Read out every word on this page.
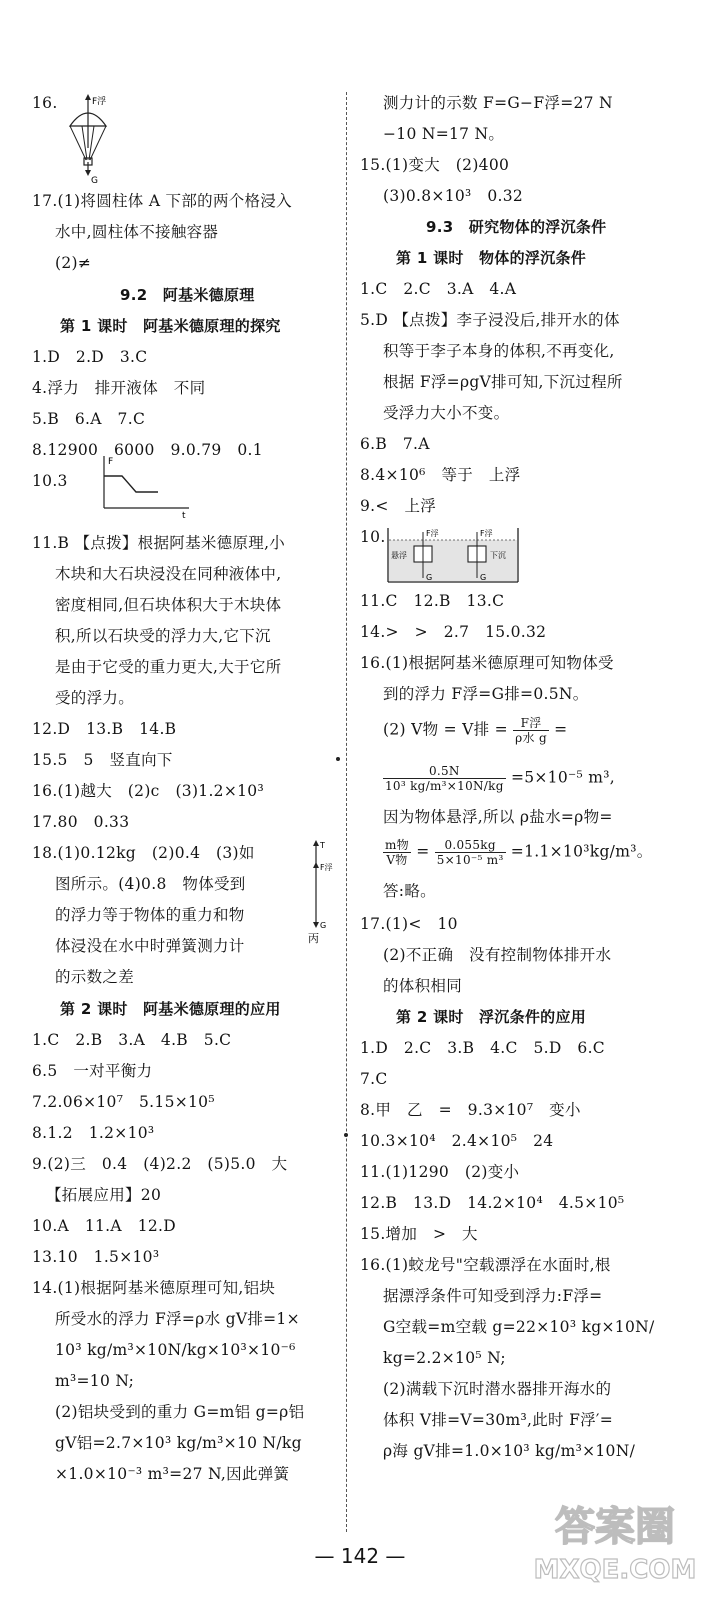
16.	F浮
G
17.(1)将圆柱体 A 下部的两个格浸入
水中,圆柱体不接触容器
(2)≠
9.2　阿基米德原理
第 1 课时　阿基米德原理的探究
1.D　2.D　3.C
4.浮力　排开液体　不同
5.B　6.A　7.C
8.12900　6000　9.0.79　0.1
10.3
F
t
11.B 【点拨】根据阿基米德原理,小
木块和大石块浸没在同种液体中,
密度相同,但石块体积大于木块体
积,所以石块受的浮力大,它下沉
是由于它受的重力更大,大于它所
受的浮力。
12.D　13.B　14.B
15.5　5　竖直向下
16.(1)越大　(2)c　(3)1.2×10³
17.80　0.33
18.(1)0.12kg　(2)0.4　(3)如
图所示。(4)0.8　物体受到
的浮力等于物体的重力和物
体浸没在水中时弹簧测力计
的示数之差
T
F浮
G
丙
第 2 课时　阿基米德原理的应用
1.C　2.B　3.A　4.B　5.C
6.5　一对平衡力
7.2.06×10⁷　5.15×10⁵
8.1.2　1.2×10³
9.(2)三　0.4　(4)2.2　(5)5.0　大
【拓展应用】20
10.A　11.A　12.D
13.10　1.5×10³
14.(1)根据阿基米德原理可知,铝块
所受水的浮力 F浮=ρ水 gV排=1×
10³ kg/m³×10N/kg×10³×10⁻⁶
m³=10 N;
(2)铝块受到的重力 G=m铝 g=ρ铝
gV铝=2.7×10³ kg/m³×10 N/kg
×1.0×10⁻³ m³=27 N,因此弹簧
测力计的示数 F=G−F浮=27 N
−10 N=17 N。
15.(1)变大　(2)400
(3)0.8×10³　0.32
9.3　研究物体的浮沉条件
第 1 课时　物体的浮沉条件
1.C　2.C　3.A　4.A
5.D 【点拨】李子浸没后,排开水的体
积等于李子本身的体积,不再变化,
根据 F浮=ρgV排可知,下沉过程所
受浮力大小不变。
6.B　7.A
8.4×10⁶　等于　上浮
9.<　上浮
10.	F浮
悬浮
G
F浮
下沉
G
11.C　12.B　13.C
14.>　>　2.7　15.0.32
16.(1)根据阿基米德原理可知物体受
到的浮力 F浮=G排=0.5N。
(2) V物 = V排 = $\frac{\text{F浮}}{\text{ρ水 g}}$ =
$\frac{0.5N}{\text{10³ kg/m³×10N/kg}} =5\times 10^{-5}$ m³,
因为物体悬浮,所以 ρ盐水=ρ物=
$\frac{\text{m物}}{\text{V物}} = \frac{0.055kg}{\text{5×10⁻⁵ m³}} =1.1\times 10^3kg/m^3$。
答:略。
17.(1)<　10
(2)不正确　没有控制物体排开水
的体积相同
第 2 课时　浮沉条件的应用
1.D　2.C　3.B　4.C　5.D　6.C
7.C
8.甲　乙　=　9.3×10⁷　变小
10.3×10⁴　2.4×10⁵　24
11.(1)1290　(2)变小
12.B　13.D　14.2×10⁴　4.5×10⁵
15.增加　>　大
16.(1)蛟龙号"空载漂浮在水面时,根
据漂浮条件可知受到浮力:F浮=
G空载=m空载 g=22×10³ kg×10N/
kg=2.2×10⁵ N;
(2)满载下沉时潜水器排开海水的
体积 V排=V=30m³,此时 F浮′=
ρ海 gV排=1.0×10³ kg/m³×10N/
— 142 —
答案圈
MXQE.COM
